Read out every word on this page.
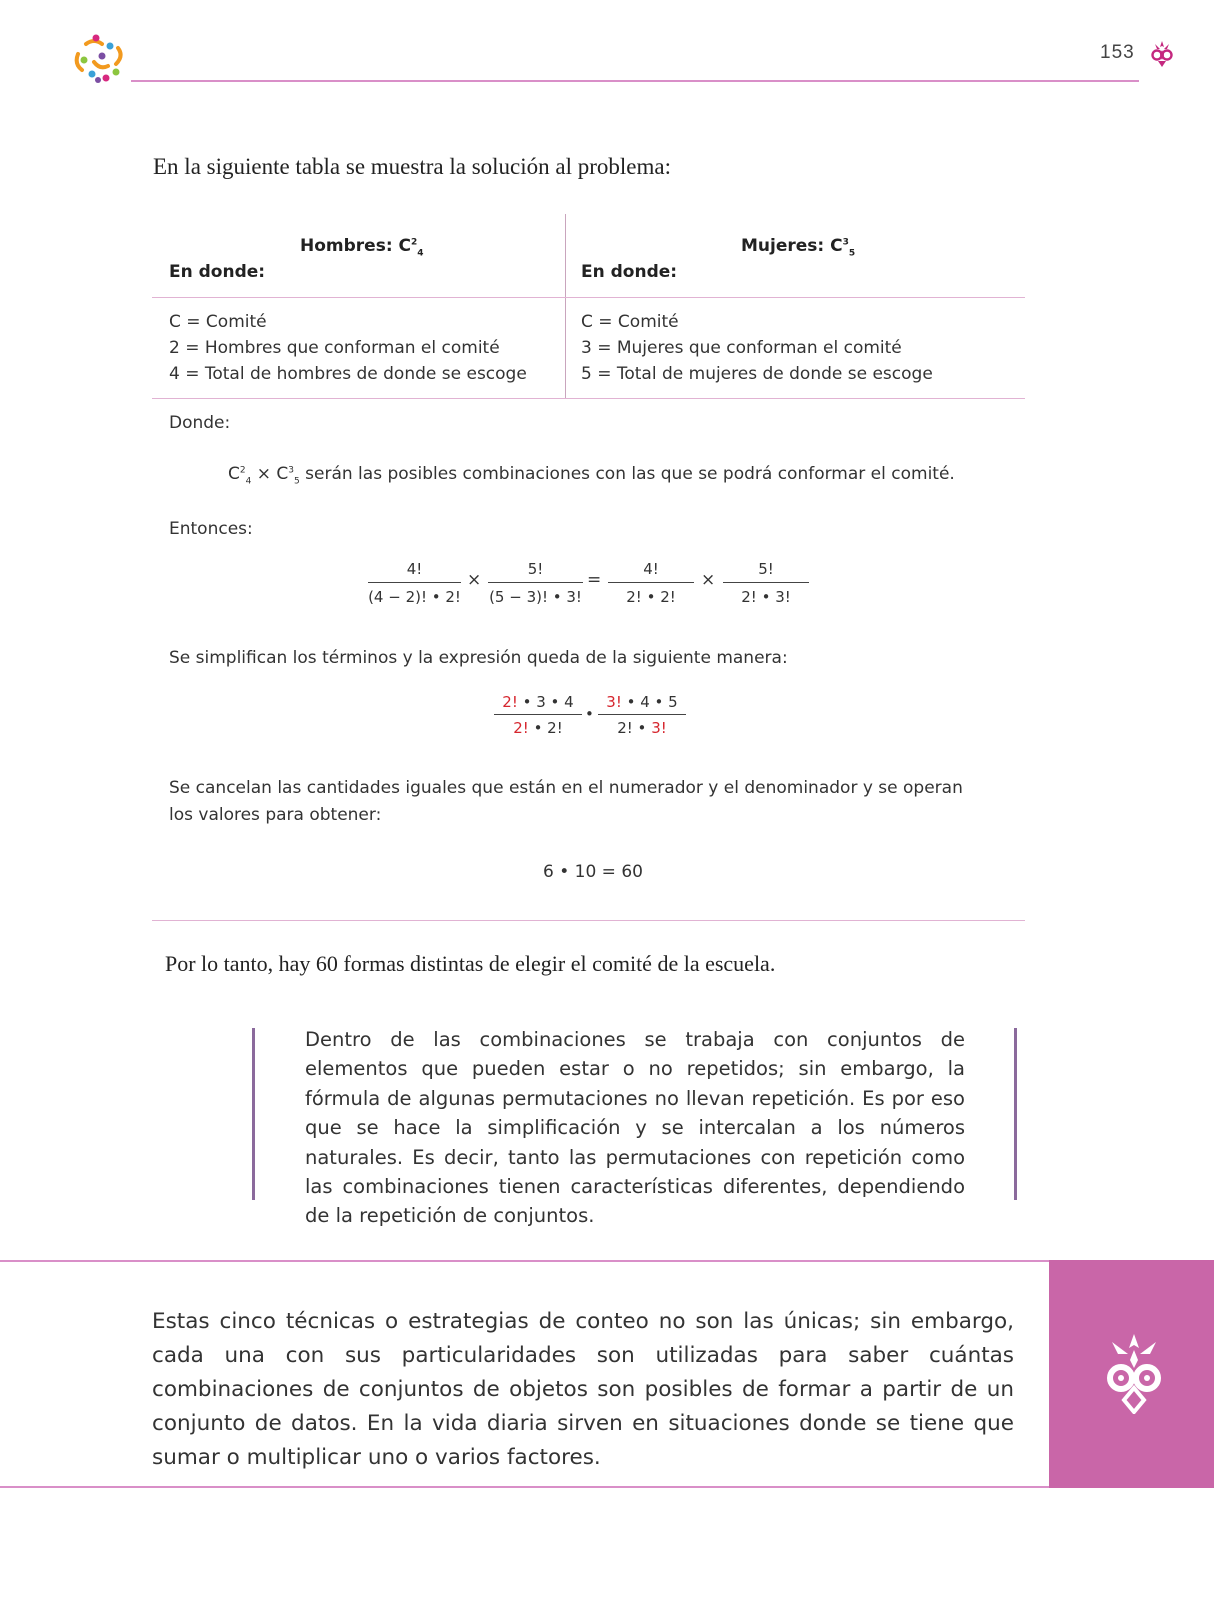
153
En la siguiente tabla se muestra la solución al problema:
Hombres: $C^2_4$
En donde:
Mujeres: $C^3_5$
En donde:
C = Comité
2 = Hombres que conforman el comité
4 = Total de hombres de donde se escoge
C = Comité
3 = Mujeres que conforman el comité
5 = Total de mujeres de donde se escoge
Donde:
$C^2_4 \times C^3_5$ serán las posibles combinaciones con las que se podrá conformar el comité.
Entonces:
4!
(4 − 2)! • 2!
×
5!
(5 − 3)! • 3!
=
4!
2! • 2!
×
5!
2! • 3!
Se simplifican los términos y la expresión queda de la siguiente manera:
2! • 3 • 4
2! • 2!
•
3! • 4 • 5
2! • 3!
Se cancelan las cantidades iguales que están en el numerador y el denominador y se operan los valores para obtener:
6 • 10 = 60
Por lo tanto, hay 60 formas distintas de elegir el comité de la escuela.
Dentro de las combinaciones se trabaja con conjuntos de elementos que pueden estar o no repetidos; sin embargo, la fórmula de algunas permutaciones no llevan repetición. Es por eso que se hace la simplificación y se intercalan a los números naturales. Es decir, tanto las permutaciones con repetición como las combinaciones tienen características diferentes, dependiendo de la repetición de conjuntos.
Estas cinco técnicas o estrategias de conteo no son las únicas; sin embargo, cada una con sus particularidades son utilizadas para saber cuántas combinaciones de conjuntos de objetos son posibles de formar a partir de un conjunto de datos. En la vida diaria sirven en situaciones donde se tiene que sumar o multiplicar uno o varios factores.
